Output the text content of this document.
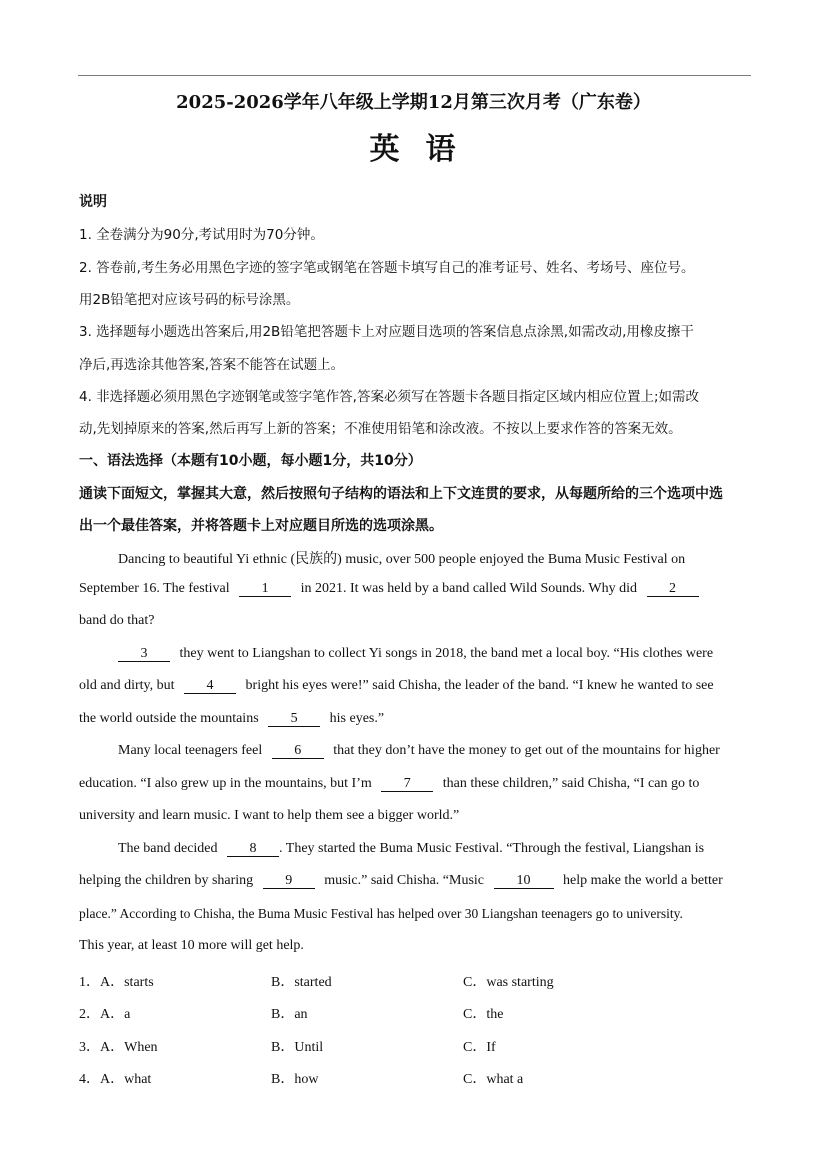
2025-2026学年八年级上学期12月第三次月考（广东卷）
英语
说明
1. 全卷满分为90分,考试用时为70分钟。
2. 答卷前,考生务必用黑色字迹的签字笔或钢笔在答题卡填写自己的准考证号、姓名、考场号、座位号。
用2B铅笔把对应该号码的标号涂黑。
3. 选择题每小题选出答案后,用2B铅笔把答题卡上对应题目选项的答案信息点涂黑,如需改动,用橡皮擦干
净后,再选涂其他答案,答案不能答在试题上。
4. 非选择题必须用黑色字迹钢笔或签字笔作答,答案必须写在答题卡各题目指定区域内相应位置上;如需改
动,先划掉原来的答案,然后再写上新的答案；不准使用铅笔和涂改液。不按以上要求作答的答案无效。
一、语法选择（本题有10小题，每小题1分，共10分）
通读下面短文，掌握其大意，然后按照句子结构的语法和上下文连贯的要求，从每题所给的三个选项中选
出一个最佳答案，并将答题卡上对应题目所选的选项涂黑。
Dancing to beautiful Yi ethnic (民族的) music, over 500 people enjoyed the Buma Music Festival on
September 16. The festival 1 in 2021. It was held by a band called Wild Sounds. Why did 2
band do that?
3 they went to Liangshan to collect Yi songs in 2018, the band met a local boy. “His clothes were
old and dirty, but 4 bright his eyes were!” said Chisha, the leader of the band. “I knew he wanted to see
the world outside the mountains 5 his eyes.”
Many local teenagers feel 6 that they don’t have the money to get out of the mountains for higher
education. “I also grew up in the mountains, but I’m 7 than these children,” said Chisha, “I can go to
university and learn music. I want to help them see a bigger world.”
The band decided 8 . They started the Buma Music Festival. “Through the festival, Liangshan is
helping the children by sharing 9 music.” said Chisha. “Music 10 help make the world a better
place.” According to Chisha, the Buma Music Festival has helped over 30 Liangshan teenagers go to university.
This year, at least 10 more will get help.
1．A．starts	B．started	C．was starting
2．A．a	B．an	C．the
3．A．When	B．Until	C．If
4．A．what	B．how	C．what a
